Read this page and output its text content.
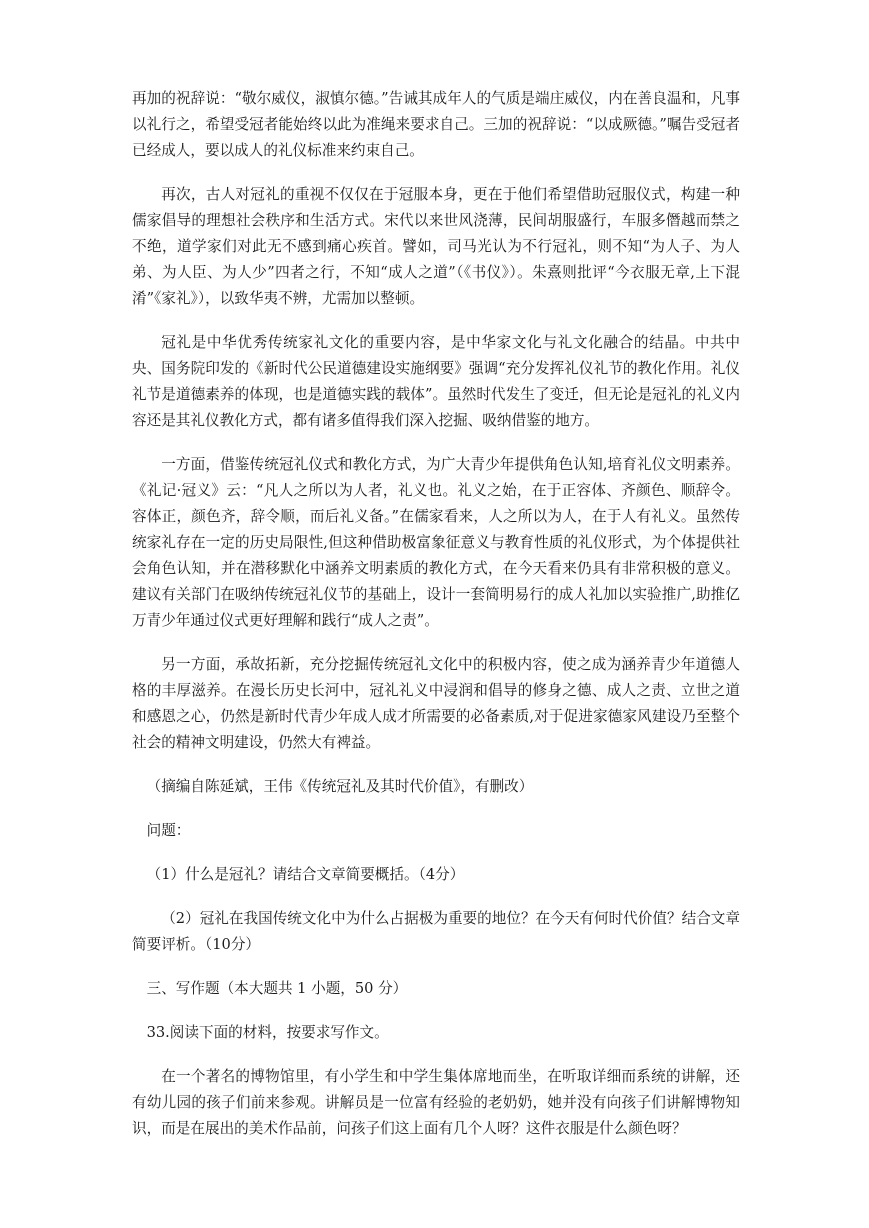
再加的祝辞说：“敬尔威仪，淑慎尔德。”告诫其成年人的气质是端庄威仪，内在善良温和，凡事以礼行之，希望受冠者能始终以此为准绳来要求自己。三加的祝辞说：“以成厥德。”嘱告受冠者已经成人，要以成人的礼仪标准来约束自己。

再次，古人对冠礼的重视不仅仅在于冠服本身，更在于他们希望借助冠服仪式，构建一种儒家倡导的理想社会秩序和生活方式。宋代以来世风浇薄，民间胡服盛行，车服多僭越而禁之不绝，道学家们对此无不感到痛心疾首。譬如，司马光认为不行冠礼，则不知“为人子、为人弟、为人臣、为人少”四者之行，不知“成人之道”（《书仪》）。朱熹则批评“今衣服无章,上下混淆”《家礼》），以致华夷不辨，尤需加以整顿。

冠礼是中华优秀传统家礼文化的重要内容，是中华家文化与礼文化融合的结晶。中共中央、国务院印发的《新时代公民道德建设实施纲要》强调“充分发挥礼仪礼节的教化作用。礼仪礼节是道德素养的体现，也是道德实践的载体”。虽然时代发生了变迁，但无论是冠礼的礼义内容还是其礼仪教化方式，都有诸多值得我们深入挖掘、吸纳借鉴的地方。

一方面，借鉴传统冠礼仪式和教化方式，为广大青少年提供角色认知,培育礼仪文明素养。《礼记·冠义》云：“凡人之所以为人者，礼义也。礼义之始，在于正容体、齐颜色、顺辞令。容体正，颜色齐，辞令顺，而后礼义备。”在儒家看来，人之所以为人，在于人有礼义。虽然传统家礼存在一定的历史局限性,但这种借助极富象征意义与教育性质的礼仪形式，为个体提供社会角色认知，并在潜移默化中涵养文明素质的教化方式，在今天看来仍具有非常积极的意义。建议有关部门在吸纳传统冠礼仪节的基础上，设计一套简明易行的成人礼加以实验推广,助推亿万青少年通过仪式更好理解和践行“成人之责”。

另一方面，承故拓新，充分挖掘传统冠礼文化中的积极内容，使之成为涵养青少年道德人格的丰厚滋养。在漫长历史长河中，冠礼礼义中浸润和倡导的修身之德、成人之责、立世之道和感恩之心，仍然是新时代青少年成人成才所需要的必备素质,对于促进家德家风建设乃至整个社会的精神文明建设，仍然大有裨益。

（摘编自陈延斌，王伟《传统冠礼及其时代价值》，有删改）

问题：

（1）什么是冠礼？请结合文章简要概括。（4分）

（2）冠礼在我国传统文化中为什么占据极为重要的地位？在今天有何时代价值？结合文章简要评析。（10分）

三、写作题（本大题共 1 小题，50 分）

33.阅读下面的材料，按要求写作文。

在一个著名的博物馆里，有小学生和中学生集体席地而坐，在听取详细而系统的讲解，还有幼儿园的孩子们前来参观。讲解员是一位富有经验的老奶奶，她并没有向孩子们讲解博物知识，而是在展出的美术作品前，问孩子们这上面有几个人呀？这件衣服是什么颜色呀？
